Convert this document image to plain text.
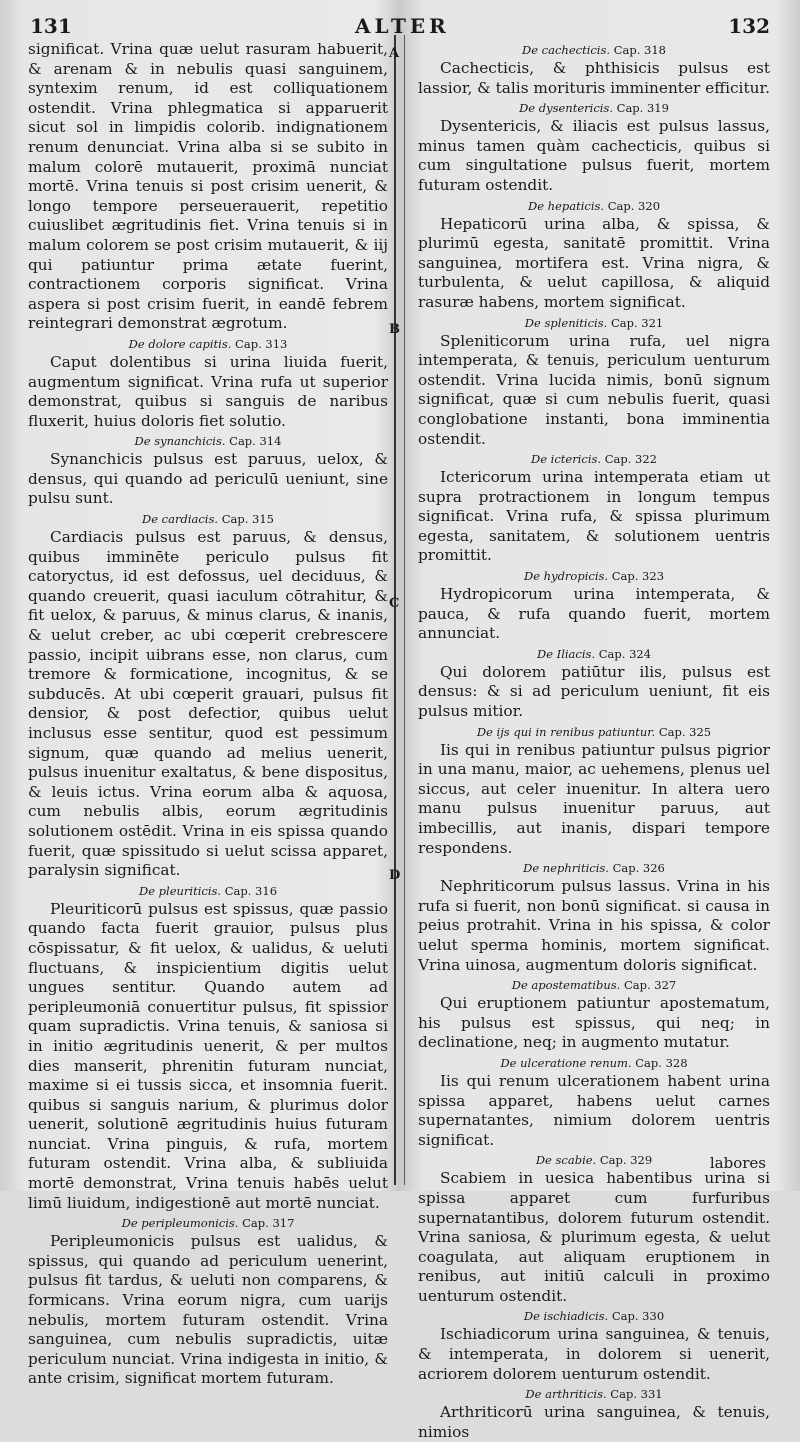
131	ALTER	132
A
B
C
D

significat. Vrina quæ uelut rasuram habuerit, & arenam & in nebulis quasi sanguinem, syntexim renum, id est colliquationem ostendit. Vrina phlegmatica si apparuerit sicut sol in limpidis colorib. indignationem renum denunciat. Vrina alba si se subito in malum colorē mutauerit, proximā nunciat mortē. Vrina tenuis si post crisim uenerit, & longo tempore perseuerauerit, repetitio cuiuslibet ægritudinis fiet. Vrina tenuis si in malum colorem se post crisim mutauerit, & iij qui patiuntur prima ætate fuerint, contractionem corporis significat. Vrina aspera si post crisim fuerit, in eandē febrem reintegrari demonstrat ægrotum.

De dolore capitis. Cap. 313

Caput dolentibus si urina liuida fuerit, augmentum significat. Vrina rufa ut superior demonstrat, quibus si sanguis de naribus fluxerit, huius doloris fiet solutio.

De synanchicis. Cap. 314

Synanchicis pulsus est paruus, uelox, & densus, qui quando ad periculū ueniunt, sine pulsu sunt.

De cardiacis. Cap. 315

Cardiacis pulsus est paruus, & densus, quibus imminēte periculo pulsus fit catoryctus, id est defossus, uel deciduus, & quando creuerit, quasi iaculum cōtrahitur, & fit uelox, & paruus, & minus clarus, & inanis, & uelut creber, ac ubi cœperit crebrescere passio, incipit uibrans esse, non clarus, cum tremore & formicatione, incognitus, & se subducēs. At ubi cœperit grauari, pulsus fit densior, & post defectior, quibus uelut inclusus esse sentitur, quod est pessimum signum, quæ quando ad melius uenerit, pulsus inuenitur exaltatus, & bene dispositus, & leuis ictus. Vrina eorum alba & aquosa, cum nebulis albis, eorum ægritudinis solutionem ostēdit. Vrina in eis spissa quando fuerit, quæ spissitudo si uelut scissa apparet, paralysin significat.

De pleuriticis. Cap. 316

Pleuriticorū pulsus est spissus, quæ passio quando facta fuerit grauior, pulsus plus cōspissatur, & fit uelox, & ualidus, & ueluti fluctuans, & inspicientium digitis uelut ungues sentitur. Quando autem ad peripleumoniā conuertitur pulsus, fit spissior quam supradictis. Vrina tenuis, & saniosa si in initio ægritudinis uenerit, & per multos dies manserit, phrenitin futuram nunciat, maxime si ei tussis sicca, et insomnia fuerit. quibus si sanguis narium, & plurimus dolor uenerit, solutionē ægritudinis huius futuram nunciat. Vrina pinguis, & rufa, mortem futuram ostendit. Vrina alba, & subliuida mortē demonstrat, Vrina tenuis habēs uelut limū liuidum, indigestionē aut mortē nunciat.

De peripleumonicis. Cap. 317

Peripleumonicis pulsus est ualidus, & spissus, qui quando ad periculum uenerint, pulsus fit tardus, & ueluti non comparens, & formicans. Vrina eorum nigra, cum uarijs nebulis, mortem futuram ostendit. Vrina sanguinea, cum nebulis supradictis, uitæ periculum nunciat. Vrina indigesta in initio, & ante crisim, significat mortem futuram.

De cachecticis. Cap. 318

Cachecticis, & phthisicis pulsus est lassior, & talis morituris imminenter efficitur.

De dysentericis. Cap. 319

Dysentericis, & iliacis est pulsus lassus, minus tamen quàm cachecticis, quibus si cum singultatione pulsus fuerit, mortem futuram ostendit.

De hepaticis. Cap. 320

Hepaticorū urina alba, & spissa, & plurimū egesta, sanitatē promittit. Vrina sanguinea, mortifera est. Vrina nigra, & turbulenta, & uelut capillosa, & aliquid rasuræ habens, mortem significat.

De spleniticis. Cap. 321

Spleniticorum urina rufa, uel nigra intemperata, & tenuis, periculum uenturum ostendit. Vrina lucida nimis, bonū signum significat, quæ si cum nebulis fuerit, quasi conglobatione instanti, bona imminentia ostendit.

De ictericis. Cap. 322

Ictericorum urina intemperata etiam ut supra protractionem in longum tempus significat. Vrina rufa, & spissa plurimum egesta, sanitatem, & solutionem uentris promittit.

De hydropicis. Cap. 323

Hydropicorum urina intemperata, & pauca, & rufa quando fuerit, mortem annunciat.

De Iliacis. Cap. 324

Qui dolorem patiūtur ilis, pulsus est densus: & si ad periculum ueniunt, fit eis pulsus mitior.

De ijs qui in renibus patiuntur. Cap. 325

Iis qui in renibus patiuntur pulsus pigrior in una manu, maior, ac uehemens, plenus uel siccus, aut celer inuenitur. In altera uero manu pulsus inuenitur paruus, aut imbecillis, aut inanis, dispari tempore respondens.

De nephriticis. Cap. 326

Nephriticorum pulsus lassus. Vrina in his rufa si fuerit, non bonū significat. si causa in peius protrahit. Vrina in his spissa, & color uelut sperma hominis, mortem significat. Vrina uinosa, augmentum doloris significat.

De apostematibus. Cap. 327

Qui eruptionem patiuntur apostematum, his pulsus est spissus, qui neq; in declinatione, neq; in augmento mutatur.

De ulceratione renum. Cap. 328

Iis qui renum ulcerationem habent urina spissa apparet, habens uelut carnes supernatantes, nimium dolorem uentris significat.

De scabie. Cap. 329

Scabiem in uesica habentibus urina si spissa apparet cum furfuribus supernatantibus, dolorem futurum ostendit. Vrina saniosa, & plurimum egesta, & uelut coagulata, aut aliquam eruptionem in renibus, aut initiū calculi in proximo uenturum ostendit.

De ischiadicis. Cap. 330

Ischiadicorum urina sanguinea, & tenuis, & intemperata, in dolorem si uenerit, acriorem dolorem uenturum ostendit.

De arthriticis. Cap. 331

Arthriticorū urina sanguinea, & tenuis, nimios

labores
